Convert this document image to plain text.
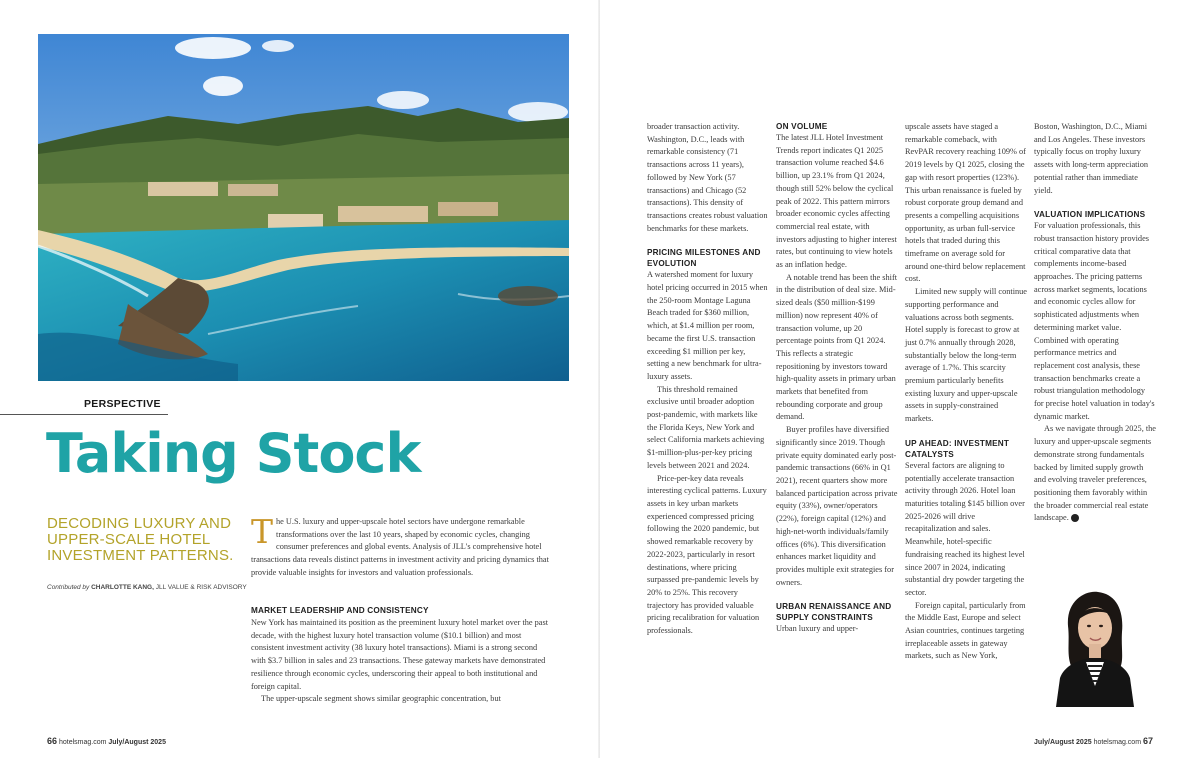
PERSPECTIVE
Taking Stock
DECODING LUXURY AND UPPER-SCALE HOTEL INVESTMENT PATTERNS.
Contributed by CHARLOTTE KANG, JLL VALUE & RISK ADVISORY
The U.S. luxury and upper-upscale hotel sectors have undergone remarkable transformations over the last 10 years, shaped by economic cycles, changing consumer preferences and global events. Analysis of JLL's comprehensive hotel transactions data reveals distinct patterns in investment activity and pricing dynamics that provide valuable insights for investors and valuation professionals.
MARKET LEADERSHIP AND CONSISTENCY

New York has maintained its position as the preeminent luxury hotel market over the past decade, with the highest luxury hotel transaction volume ($10.1 billion) and most consistent investment activity (38 luxury hotel transactions). Miami is a strong second with $3.7 billion in sales and 23 transactions. These gateway markets have demonstrated resilience through economic cycles, underscoring their appeal to both institutional and foreign capital.

The upper-upscale segment shows similar geographic concentration, but

66 hotelsmag.com July/August 2025

broader transaction activity. Washington, D.C., leads with remarkable consistency (71 transactions across 11 years), followed by New York (57 transactions) and Chicago (52 transactions). This density of transactions creates robust valuation benchmarks for these markets.

PRICING MILESTONES AND EVOLUTION

A watershed moment for luxury hotel pricing occurred in 2015 when the 250-room Montage Laguna Beach traded for $360 million, which, at $1.4 million per room, became the first U.S. transaction exceeding $1 million per key, setting a new benchmark for ultra-luxury assets.

This threshold remained exclusive until broader adoption post-pandemic, with markets like the Florida Keys, New York and select California markets achieving $1-million-plus-per-key pricing levels between 2021 and 2024.

Price-per-key data reveals interesting cyclical patterns. Luxury assets in key urban markets experienced compressed pricing following the 2020 pandemic, but showed remarkable recovery by 2022-2023, particularly in resort destinations, where pricing surpassed pre-pandemic levels by 20% to 25%. This recovery trajectory has provided valuable pricing recalibration for valuation professionals.

ON VOLUME

The latest JLL Hotel Investment Trends report indicates Q1 2025 transaction volume reached $4.6 billion, up 23.1% from Q1 2024, though still 52% below the cyclical peak of 2022. This pattern mirrors broader economic cycles affecting commercial real estate, with investors adjusting to higher interest rates, but continuing to view hotels as an inflation hedge.

A notable trend has been the shift in the distribution of deal size. Mid-sized deals ($50 million-$199 million) now represent 40% of transaction volume, up 20 percentage points from Q1 2024. This reflects a strategic repositioning by investors toward high-quality assets in primary urban markets that benefited from rebounding corporate and group demand.

Buyer profiles have diversified significantly since 2019. Though private equity dominated early post-pandemic transactions (66% in Q1 2021), recent quarters show more balanced participation across private equity (33%), owner/operators (22%), foreign capital (12%) and high-net-worth individuals/family offices (6%). This diversification enhances market liquidity and provides multiple exit strategies for owners.

URBAN RENAISSANCE AND SUPPLY CONSTRAINTS

Urban luxury and upper-

upscale assets have staged a remarkable comeback, with RevPAR recovery reaching 109% of 2019 levels by Q1 2025, closing the gap with resort properties (123%). This urban renaissance is fueled by robust corporate group demand and presents a compelling acquisitions opportunity, as urban full-service hotels that traded during this timeframe on average sold for around one-third below replacement cost.

Limited new supply will continue supporting performance and valuations across both segments. Hotel supply is forecast to grow at just 0.7% annually through 2028, substantially below the long-term average of 1.7%. This scarcity premium particularly benefits existing luxury and upper-upscale assets in supply-constrained markets.

UP AHEAD: INVESTMENT CATALYSTS

Several factors are aligning to potentially accelerate transaction activity through 2026. Hotel loan maturities totaling $145 billion over 2025-2026 will drive recapitalization and sales. Meanwhile, hotel-specific fundraising reached its highest level since 2007 in 2024, indicating substantial dry powder targeting the sector.

Foreign capital, particularly from the Middle East, Europe and select Asian countries, continues targeting irreplaceable assets in gateway markets, such as New York,

Boston, Washington, D.C., Miami and Los Angeles. These investors typically focus on trophy luxury assets with long-term appreciation potential rather than immediate yield.

VALUATION IMPLICATIONS

For valuation professionals, this robust transaction history provides critical comparative data that complements income-based approaches. The pricing patterns across market segments, locations and economic cycles allow for sophisticated adjustments when determining market value. Combined with operating performance metrics and replacement cost analysis, these transaction benchmarks create a robust triangulation methodology for precise hotel valuation in today's dynamic market.

As we navigate through 2025, the luxury and upper-upscale segments demonstrate strong fundamentals backed by limited supply growth and evolving traveler preferences, positioning them favorably within the broader commercial real estate landscape. H

July/August 2025 hotelsmag.com 67
